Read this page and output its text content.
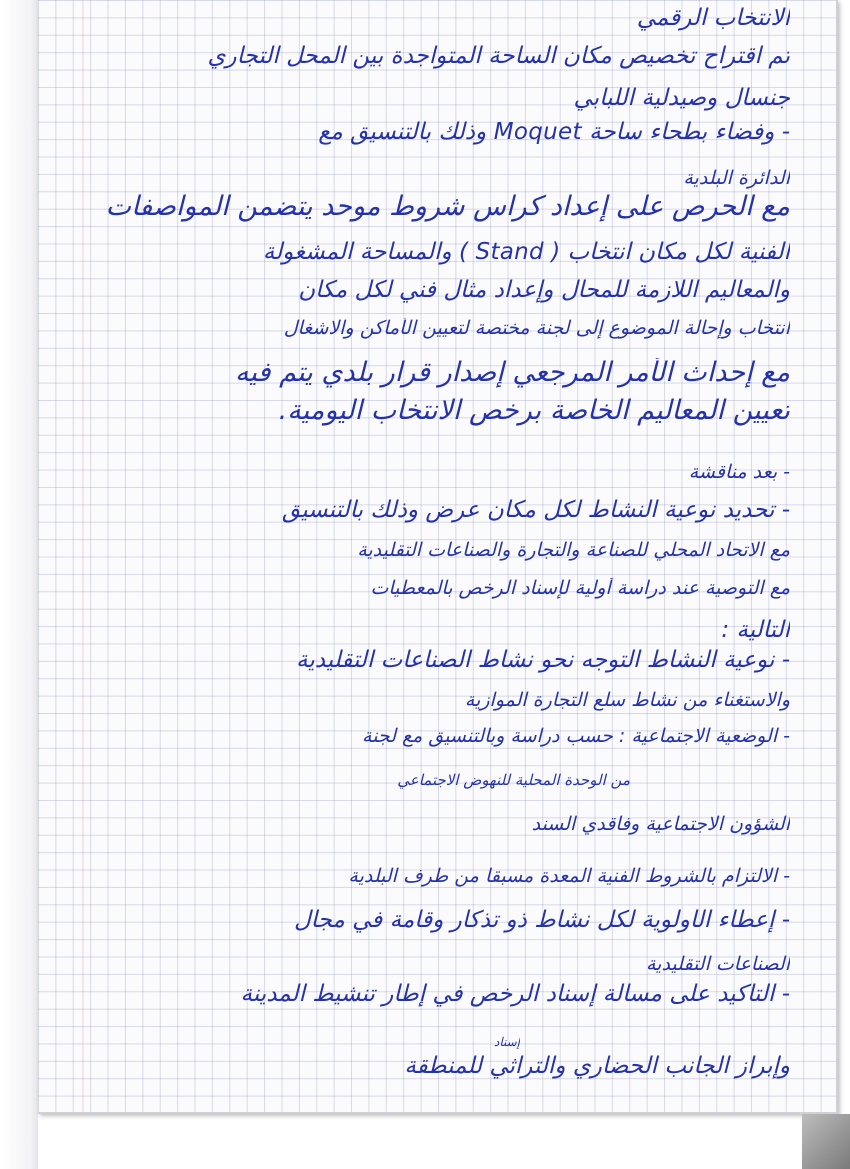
الانتخاب الرقمي
تم اقتراح تخصيص مكان الساحة المتواجدة بين المحل التجاري
جنسال وصيدلية اللبابي
- وفضاء بطحاء ساحة Moquet وذلك بالتنسيق مع
الدائرة البلدية
مع الحرص على إعداد كراس شروط موحد يتضمن المواصفات
الفنية لكل مكان انتخاب ( Stand ) والمساحة المشغولة
والمعاليم اللازمة للمحال وإعداد مثال فني لكل مكان
انتخاب وإحالة الموضوع إلى لجنة مختصة لتعيين الأماكن والاشغال
مع إحداث الأمر المرجعي إصدار قرار بلدي يتم فيه
تعيين المعاليم الخاصة برخص الانتخاب اليومية.
- بعد مناقشة
- تحديد نوعية النشاط لكل مكان عرض وذلك بالتنسيق
مع الاتحاد المحلي للصناعة والتجارة والصناعات التقليدية
مع التوصية عند دراسة أولية لإسناد الرخص بالمعطيات
التالية :
- نوعية النشاط التوجه نحو نشاط الصناعات التقليدية
والاستغناء من نشاط سلع التجارة الموازية
- الوضعية الاجتماعية : حسب دراسة وبالتنسيق مع لجنة
من الوحدة المحلية للنهوض الاجتماعي
الشؤون الاجتماعية وفاقدي السند
- الالتزام بالشروط الفنية المعدة مسبقا من طرف البلدية
- إعطاء الأولوية لكل نشاط ذو تذكار وقامة في مجال
الصناعات التقليدية
- التأكيد على مسألة إسناد الرخص في إطار تنشيط المدينة
إسناد
وإبراز الجانب الحضاري والتراثي للمنطقة
